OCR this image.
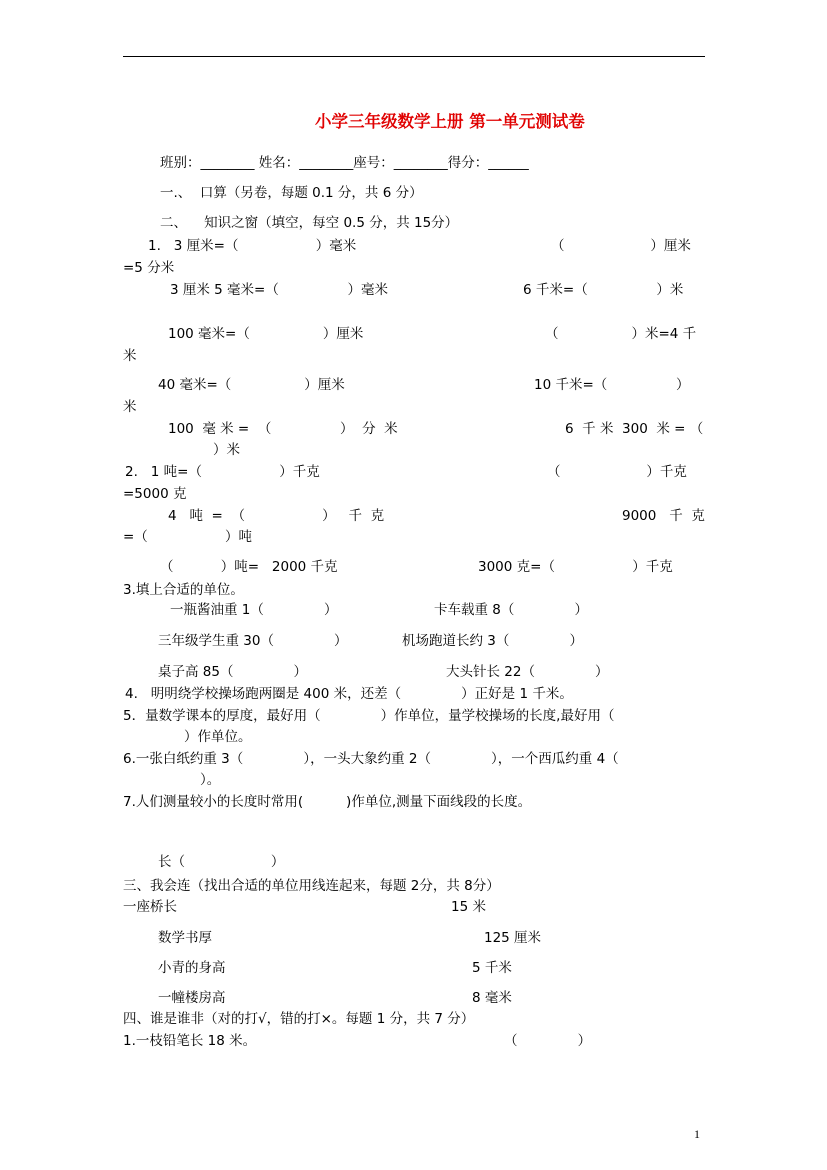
小学三年级数学上册 第一单元测试卷
班别：________ 姓名：________座号：________得分：______
一.、  口算（另卷，每题 0.1 分，共 6 分）
二、    知识之窗（填空，每空 0.5 分，共 15分）
1.   3 厘米=（                  ）毫米	（                    ）厘米
=5 分米
3 厘米 5 毫米=（                ）毫米	6 千米=（                ）米
100 毫米=（                 ）厘米	（                 ）米=4 千
米
40 毫米=（                 ）厘米	10 千米=（                ）
米
100  毫 米 =  （                ）  分  米	6  千 米  300  米 = （
）米
2.   1 吨=（                  ）千克	（                    ）千克
=5000 克
4   吨  =  （                  ）   千  克	9000   千  克
=（                  ）吨
（           ）吨=   2000 千克	3000 克=（                  ）千克
3.填上合适的单位。
一瓶酱油重 1（              ）	卡车载重 8（              ）
三年级学生重 30（              ）	机场跑道长约 3（              ）
桌子高 85（              ）	大头针长 22（              ）
4.   明明绕学校操场跑两圈是 400 米，还差（              ）正好是 1 千米。
5．量数学课本的厚度，最好用（              ）作单位，量学校操场的长度,最好用（
）作单位。
6.一张白纸约重 3（              ），一头大象约重 2（              ），一个西瓜约重 4（
）。
7.人们测量较小的长度时常用(          )作单位,测量下面线段的长度。
长（                    ）
三、我会连（找出合适的单位用线连起来，每题 2分，共 8分）
一座桥长	15 米
数学书厚	125 厘米
小青的身高	5 千米
一幢楼房高	8 毫米
四、谁是谁非（对的打√，错的打×。每题 1 分，共 7 分）
1.一枝铅笔长 18 米。	（              ）
1
